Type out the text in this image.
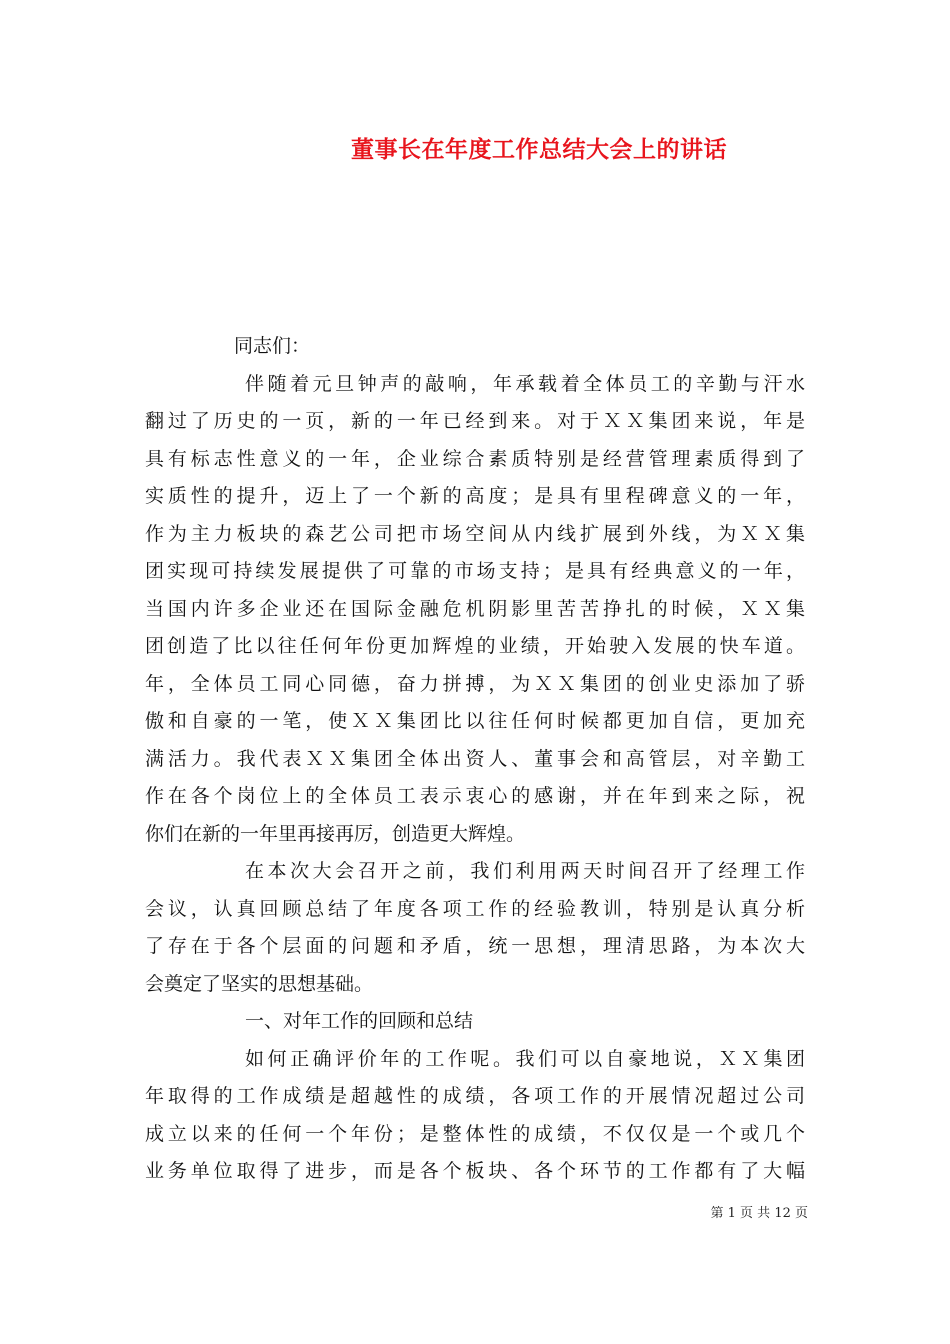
董事长在年度工作总结大会上的讲话
同志们：
伴随着元旦钟声的敲响，年承载着全体员工的辛勤与汗水
翻过了历史的一页，新的一年已经到来。对于ＸＸ集团来说，年是
具有标志性意义的一年，企业综合素质特别是经营管理素质得到了
实质性的提升，迈上了一个新的高度；是具有里程碑意义的一年，
作为主力板块的森艺公司把市场空间从内线扩展到外线，为ＸＸ集
团实现可持续发展提供了可靠的市场支持；是具有经典意义的一年，
当国内许多企业还在国际金融危机阴影里苦苦挣扎的时候，ＸＸ集
团创造了比以往任何年份更加辉煌的业绩，开始驶入发展的快车道。
年，全体员工同心同德，奋力拼搏，为ＸＸ集团的创业史添加了骄
傲和自豪的一笔，使ＸＸ集团比以往任何时候都更加自信，更加充
满活力。我代表ＸＸ集团全体出资人、董事会和高管层，对辛勤工
作在各个岗位上的全体员工表示衷心的感谢，并在年到来之际，祝
你们在新的一年里再接再厉，创造更大辉煌。
在本次大会召开之前，我们利用两天时间召开了经理工作
会议，认真回顾总结了年度各项工作的经验教训，特别是认真分析
了存在于各个层面的问题和矛盾，统一思想，理清思路，为本次大
会奠定了坚实的思想基础。
一、对年工作的回顾和总结
如何正确评价年的工作呢。我们可以自豪地说，ＸＸ集团
年取得的工作成绩是超越性的成绩，各项工作的开展情况超过公司
成立以来的任何一个年份；是整体性的成绩，不仅仅是一个或几个
业务单位取得了进步，而是各个板块、各个环节的工作都有了大幅
第 1 页 共 12 页
